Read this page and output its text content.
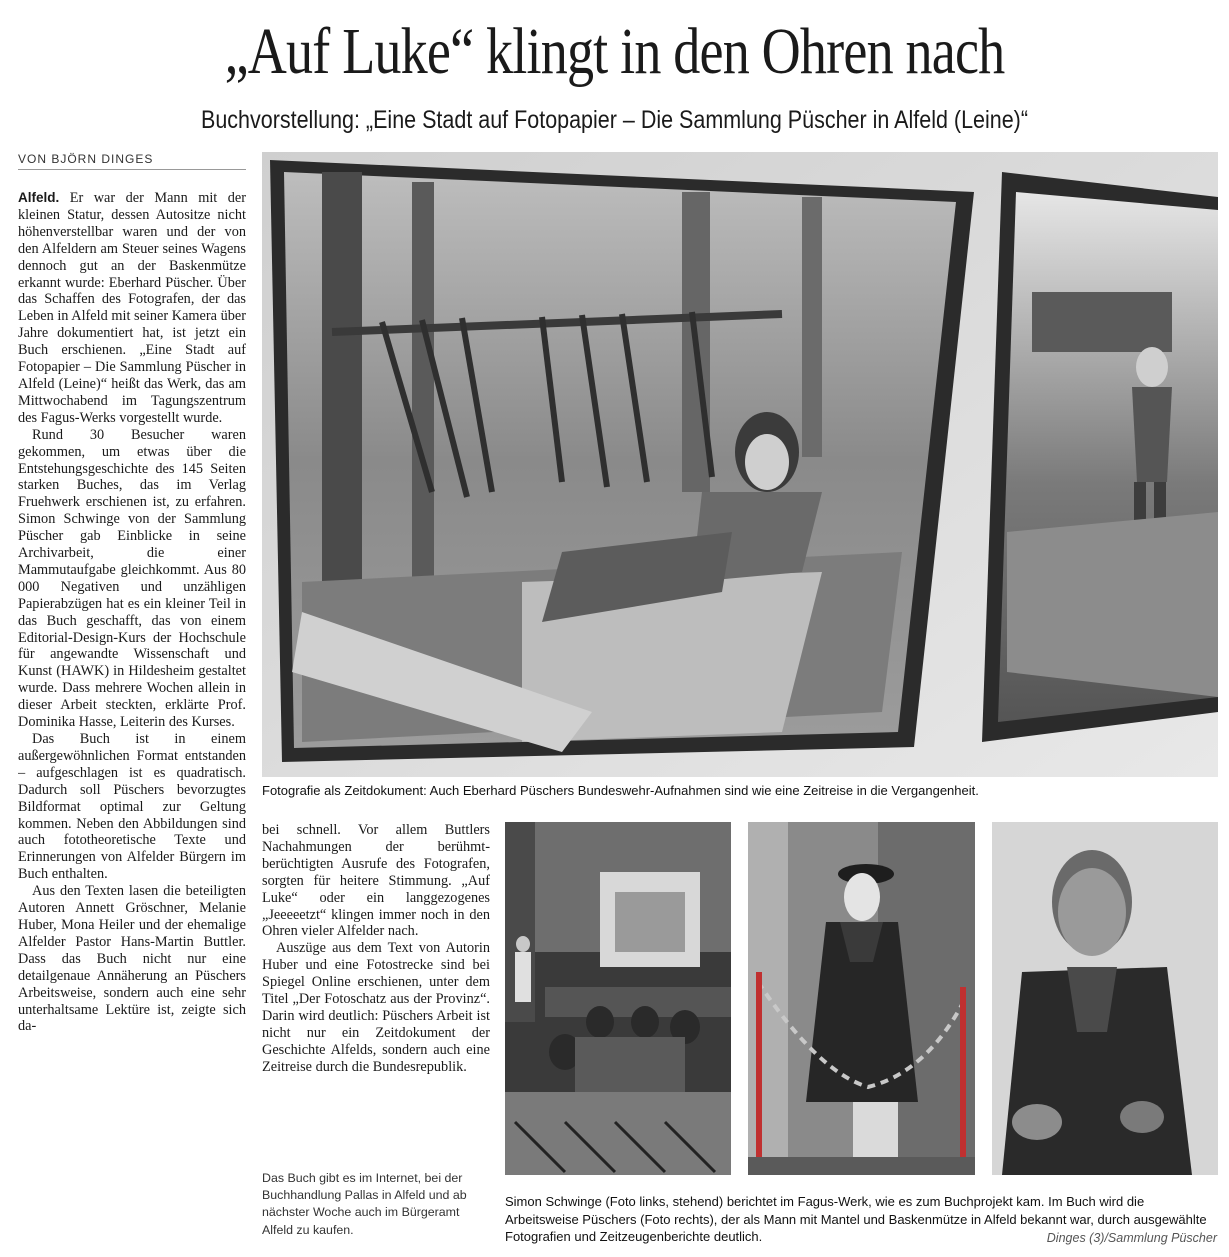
„Auf Luke“ klingt in den Ohren nach
Buchvorstellung: „Eine Stadt auf Fotopapier – Die Sammlung Püscher in Alfeld (Leine)“
VON BJÖRN DINGES

Alfeld. Er war der Mann mit der kleinen Statur, dessen Autositze nicht höhenverstellbar waren und der von den Alfeldern am Steuer seines Wagens dennoch gut an der Baskenmütze erkannt wurde: Eberhard Püscher. Über das Schaffen des Fotografen, der das Leben in Alfeld mit seiner Kamera über Jahre dokumentiert hat, ist jetzt ein Buch erschienen. „Eine Stadt auf Fotopapier – Die Sammlung Püscher in Alfeld (Leine)“ heißt das Werk, das am Mittwochabend im Tagungszentrum des Fagus-Werks vorgestellt wurde.

Rund 30 Besucher waren gekommen, um etwas über die Entstehungsgeschichte des 145 Seiten starken Buches, das im Verlag Fruehwerk erschienen ist, zu erfahren. Simon Schwinge von der Sammlung Püscher gab Einblicke in seine Archivarbeit, die einer Mammutaufgabe gleichkommt. Aus 80 000 Negativen und unzähligen Papierabzügen hat es ein kleiner Teil in das Buch geschafft, das von einem Editorial-Design-Kurs der Hochschule für angewandte Wissenschaft und Kunst (HAWK) in Hildesheim gestaltet wurde. Dass mehrere Wochen allein in dieser Arbeit steckten, erklärte Prof. Dominika Hasse, Leiterin des Kurses.

Das Buch ist in einem außergewöhnlichen Format entstanden – aufgeschlagen ist es quadratisch. Dadurch soll Püschers bevorzugtes Bildformat optimal zur Geltung kommen. Neben den Abbildungen sind auch fototheoretische Texte und Erinnerungen von Alfelder Bürgern im Buch enthalten.

Aus den Texten lasen die beteiligten Autoren Annett Gröschner, Melanie Huber, Mona Heiler und der ehemalige Alfelder Pastor Hans-Martin Buttler. Dass das Buch nicht nur eine detailgenaue Annäherung an Püschers Arbeitsweise, sondern auch eine sehr unterhaltsame Lektüre ist, zeigte sich da-

Fotografie als Zeitdokument: Auch Eberhard Püschers Bundeswehr-Aufnahmen sind wie eine Zeitreise in die Vergangenheit.

bei schnell. Vor allem Buttlers Nachahmungen der berühmt-berüchtigten Ausrufe des Fotografen, sorgten für heitere Stimmung. „Auf Luke“ oder ein langgezogenes „Jeeeeetzt“ klingen immer noch in den Ohren vieler Alfelder nach.

Auszüge aus dem Text von Autorin Huber und eine Fotostrecke sind bei Spiegel Online erschienen, unter dem Titel „Der Fotoschatz aus der Provinz“. Darin wird deutlich: Püschers Arbeit ist nicht nur ein Zeitdokument der Geschichte Alfelds, sondern auch eine Zeitreise durch die Bundesrepublik.

Das Buch gibt es im Internet, bei der Buchhandlung Pallas in Alfeld und ab nächster Woche auch im Bürgeramt Alfeld zu kaufen.
Simon Schwinge (Foto links, stehend) berichtet im Fagus-Werk, wie es zum Buchprojekt kam. Im Buch wird die Arbeitsweise Püschers (Foto rechts), der als Mann mit Mantel und Baskenmütze in Alfeld bekannt war, durch ausgewählte Fotografien und Zeitzeugenberichte deutlich.	Dinges (3)/Sammlung Püscher
